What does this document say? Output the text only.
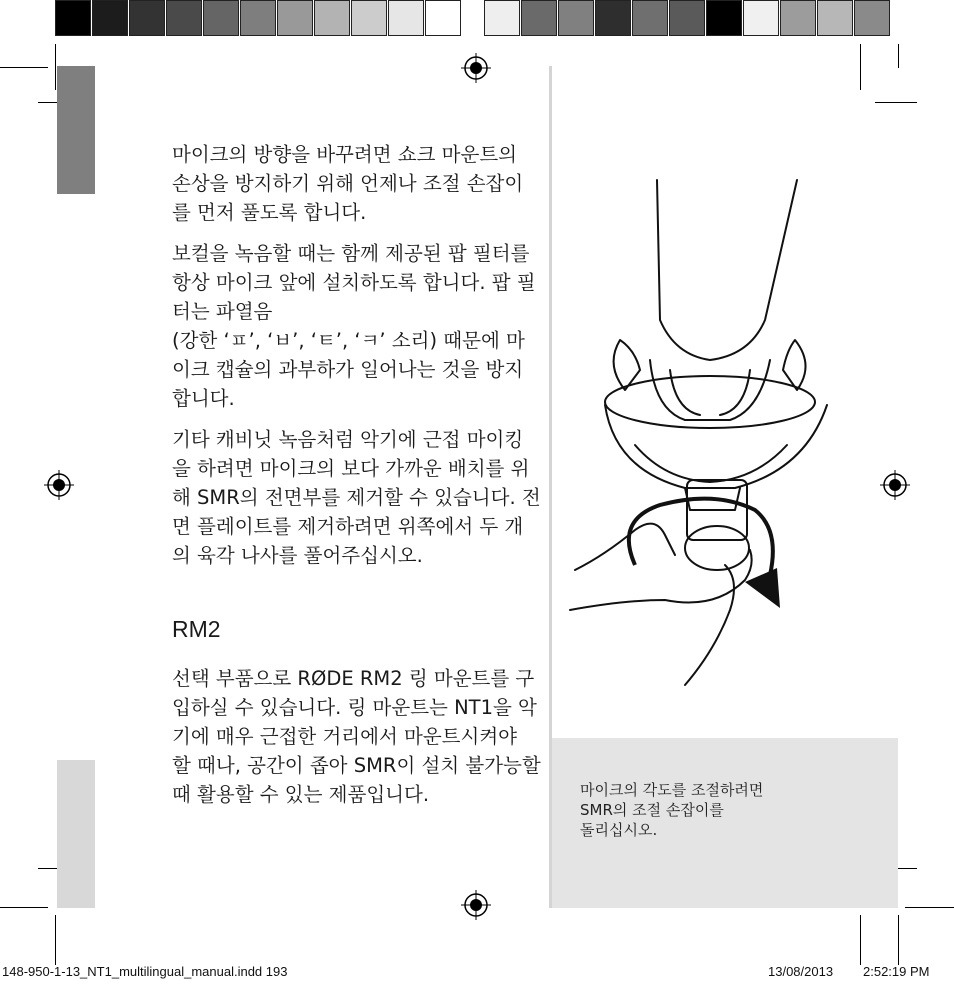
마이크의 방향을 바꾸려면 쇼크 마운트의 손상을 방지하기 위해 언제나 조절 손잡이를 먼저 풀도록 합니다.

보컬을 녹음할 때는 함께 제공된 팝 필터를 항상 마이크 앞에 설치하도록 합니다. 팝 필터는 파열음

(강한 ‘ㅍ’, ‘ㅂ’, ‘ㅌ’, ‘ㅋ’ 소리) 때문에 마이크 캡슐의 과부하가 일어나는 것을 방지합니다.

기타 캐비닛 녹음처럼 악기에 근접 마이킹을 하려면 마이크의 보다 가까운 배치를 위해 SMR의 전면부를 제거할 수 있습니다. 전면 플레이트를 제거하려면 위쪽에서 두 개의 육각 나사를 풀어주십시오.

RM2

선택 부품으로 RØDE RM2 링 마운트를 구입하실 수 있습니다. 링 마운트는 NT1을 악기에 매우 근접한 거리에서 마운트시켜야 할 때나, 공간이 좁아 SMR이 설치 불가능할 때 활용할 수 있는 제품입니다.	마이크의 각도를 조절하려면
SMR의 조절 손잡이를
돌리십시오.
148-950-1-13_NT1_multilingual_manual.indd 193	13/08/2013 2:52:19 PM
